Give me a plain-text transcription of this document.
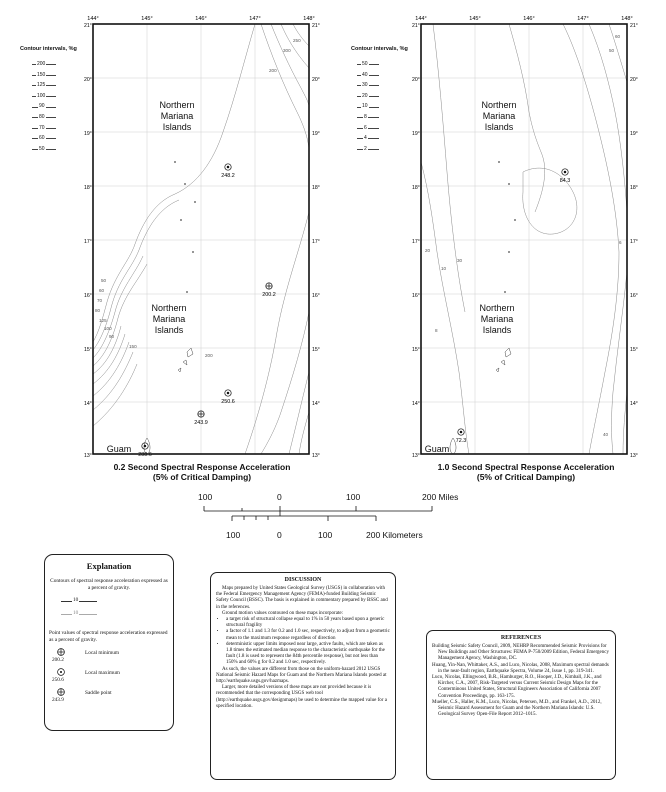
Contour intervals, %g
200
150
125
100
90
80
70
60
50
144°	145°	146°	147°	148°
200
150
125
100
90
80
70
60
50
300
250
200
248.2
200.2
250.6
243.9
288.6
Northern
Mariana
Islands
Northern
Mariana
Islands
Guam
21°
20°
19°
18°
17°
16°
15°
14°
13°
21°
20°
19°
18°
17°
16°
15°
14°
13°
Contour intervals, %g
50
40
30
20
10
8
6
4
2
144°	145°	146°	147°	148°
60
50
40
30
20
10
8
6
84.3
72.3
Northern
Mariana
Islands
Northern
Mariana
Islands
Guam
21°
20°
19°
18°
17°
16°
15°
14°
13°
21°
20°
19°
18°
17°
16°
15°
14°
13°
0.2 Second Spectral Response Acceleration
(5% of Critical Damping)
1.0 Second Spectral Response Acceleration
(5% of Critical Damping)
100	0	100	200 Miles
100	0	100	200 Kilometers
Explanation
Contours of spectral response acceleration expressed as a percent of gravity.
10
10
Point values of spectral response acceleration expressed as a percent of gravity.
200.2
Local minimum
250.6
Local maximum
243.9
Saddle point
DISCUSSION
Maps prepared by United States Geological Survey (USGS) in collaboration with the Federal Emergency Management Agency (FEMA)-funded Building Seismic Safety Council (BSSC). The basis is explained in commentary prepared by BSSC and in the references.
Ground motion values contoured on these maps incorporate:
• a target risk of structural collapse equal to 1% in 50 years based upon a generic structural fragility
• a factor of 1.1 and 1.3 for 0.2 and 1.0 sec, respectively, to adjust from a geometric mean to the maximum response regardless of direction
• deterministic upper limits imposed near large, active faults, which are taken as 1.8 times the estimated median response to the characteristic earthquake for the fault (1.8 is used to represent the 84th percentile response), but not less than 150% and 60% g for 0.2 and 1.0 sec, respectively.
As such, the values are different from those on the uniform-hazard 2012 USGS National Seismic Hazard Maps for Guam and the Northern Mariana Islands posted at http://earthquake.usgs.gov/hazmaps.
Larger, more detailed versions of these maps are not provided because it is recommended that the corresponding USGS web tool (http://earthquake.usgs.gov/designmaps) be used to determine the mapped value for a specified location.
REFERENCES

Building Seismic Safety Council, 2009, NEHRP Recommended Seismic Provisions for New Buildings and Other Structures: FEMA P-750/2009 Edition, Federal Emergency Management Agency, Washington, DC.

Huang, Yin-Nan, Whittaker, A.S., and Luco, Nicolas, 2008, Maximum spectral demands in the near-fault region, Earthquake Spectra, Volume 24, Issue 1, pp. 319-341.

Luco, Nicolas, Ellingwood, B.R., Hamburger, R.O., Hooper, J.D., Kimball, J.K., and Kircher, C.A., 2007, Risk-Targeted versus Current Seismic Design Maps for the Conterminous United States, Structural Engineers Association of California 2007 Convention Proceedings, pp. 163-175.

Mueller, C.S., Haller, K.M., Luco, Nicolas, Petersen, M.D., and Frankel, A.D., 2012, Seismic Hazard Assessment for Guam and the Northern Mariana Islands: U.S. Geological Survey Open-File Report 2012–1015.
